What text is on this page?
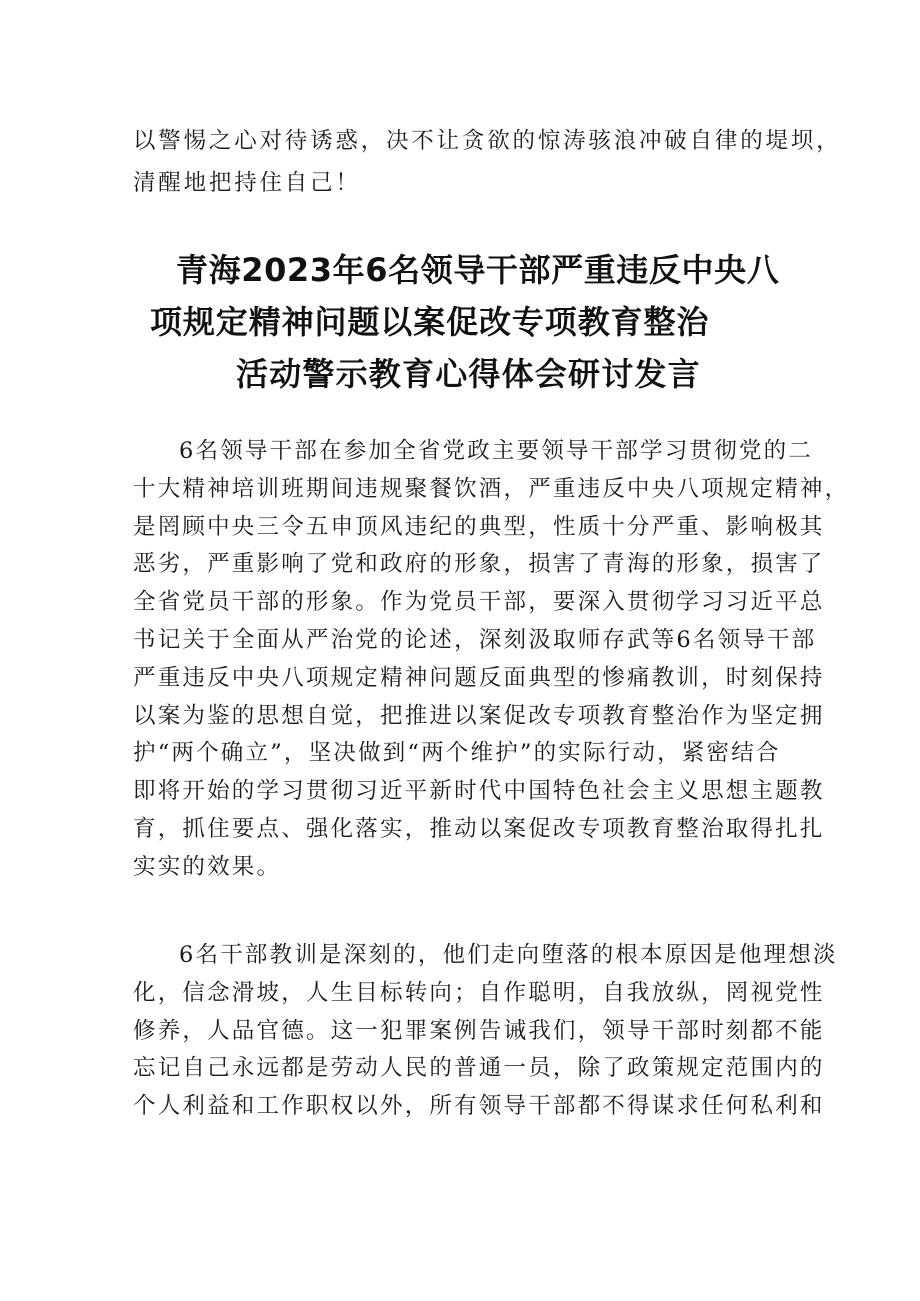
以警惕之心对待诱惑，决不让贪欲的惊涛骇浪冲破自律的堤坝，
清醒地把持住自己！

青海2023年6名领导干部严重违反中央八
项规定精神问题以案促改专项教育整治
活动警示教育心得体会研讨发言

6名领导干部在参加全省党政主要领导干部学习贯彻党的二
十大精神培训班期间违规聚餐饮酒，严重违反中央八项规定精神，
是罔顾中央三令五申顶风违纪的典型，性质十分严重、影响极其
恶劣，严重影响了党和政府的形象，损害了青海的形象，损害了
全省党员干部的形象。作为党员干部，要深入贯彻学习习近平总
书记关于全面从严治党的论述，深刻汲取师存武等6名领导干部
严重违反中央八项规定精神问题反面典型的惨痛教训，时刻保持
以案为鉴的思想自觉，把推进以案促改专项教育整治作为坚定拥
护“两个确立”，坚决做到“两个维护”的实际行动，紧密结合
即将开始的学习贯彻习近平新时代中国特色社会主义思想主题教
育，抓住要点、强化落实，推动以案促改专项教育整治取得扎扎
实实的效果。

6名干部教训是深刻的，他们走向堕落的根本原因是他理想淡
化，信念滑坡，人生目标转向；自作聪明，自我放纵，罔视党性
修养，人品官德。这一犯罪案例告诫我们，领导干部时刻都不能
忘记自己永远都是劳动人民的普通一员，除了政策规定范围内的
个人利益和工作职权以外，所有领导干部都不得谋求任何私利和
